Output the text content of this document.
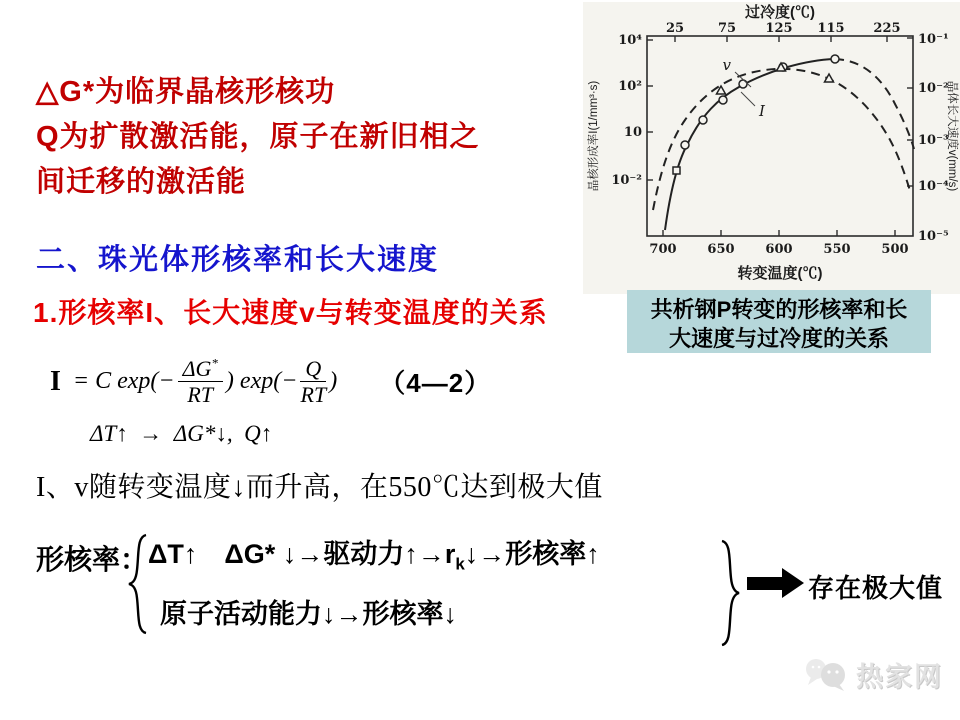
△G*为临界晶核形核功
Q为扩散激活能，原子在新旧相之
间迁移的激活能
二、珠光体形核率和长大速度
1.形核率I、长大速度v与转变温度的关系
过冷度(℃)
25	75 125 115 225
700 650 600 550 500
转变温度(℃)
10⁴
10²
10
10⁻²
晶核形成率I(1/mm³·s)
10⁻¹
10⁻²
10⁻³
10⁻⁴
10⁻⁵
晶体长大速度v(mm/s)
v
I
共析钢P转变的形核率和长
大速度与过冷度的关系
I = C $\exp(- \frac{\Delta G^*}{RT}$ ) $\exp(- \frac{Q}{RT}$ ) （4—2）
ΔT↑  →  ΔG*↓,  Q↑
I、v随转变温度↓而升高，在550℃达到极大值
形核率： ΔT↑　ΔG* ↓→驱动力$↑\to r_k↓\to$形核率↑
原子活动能力↓→形核率↓
存在极大值
热家网
